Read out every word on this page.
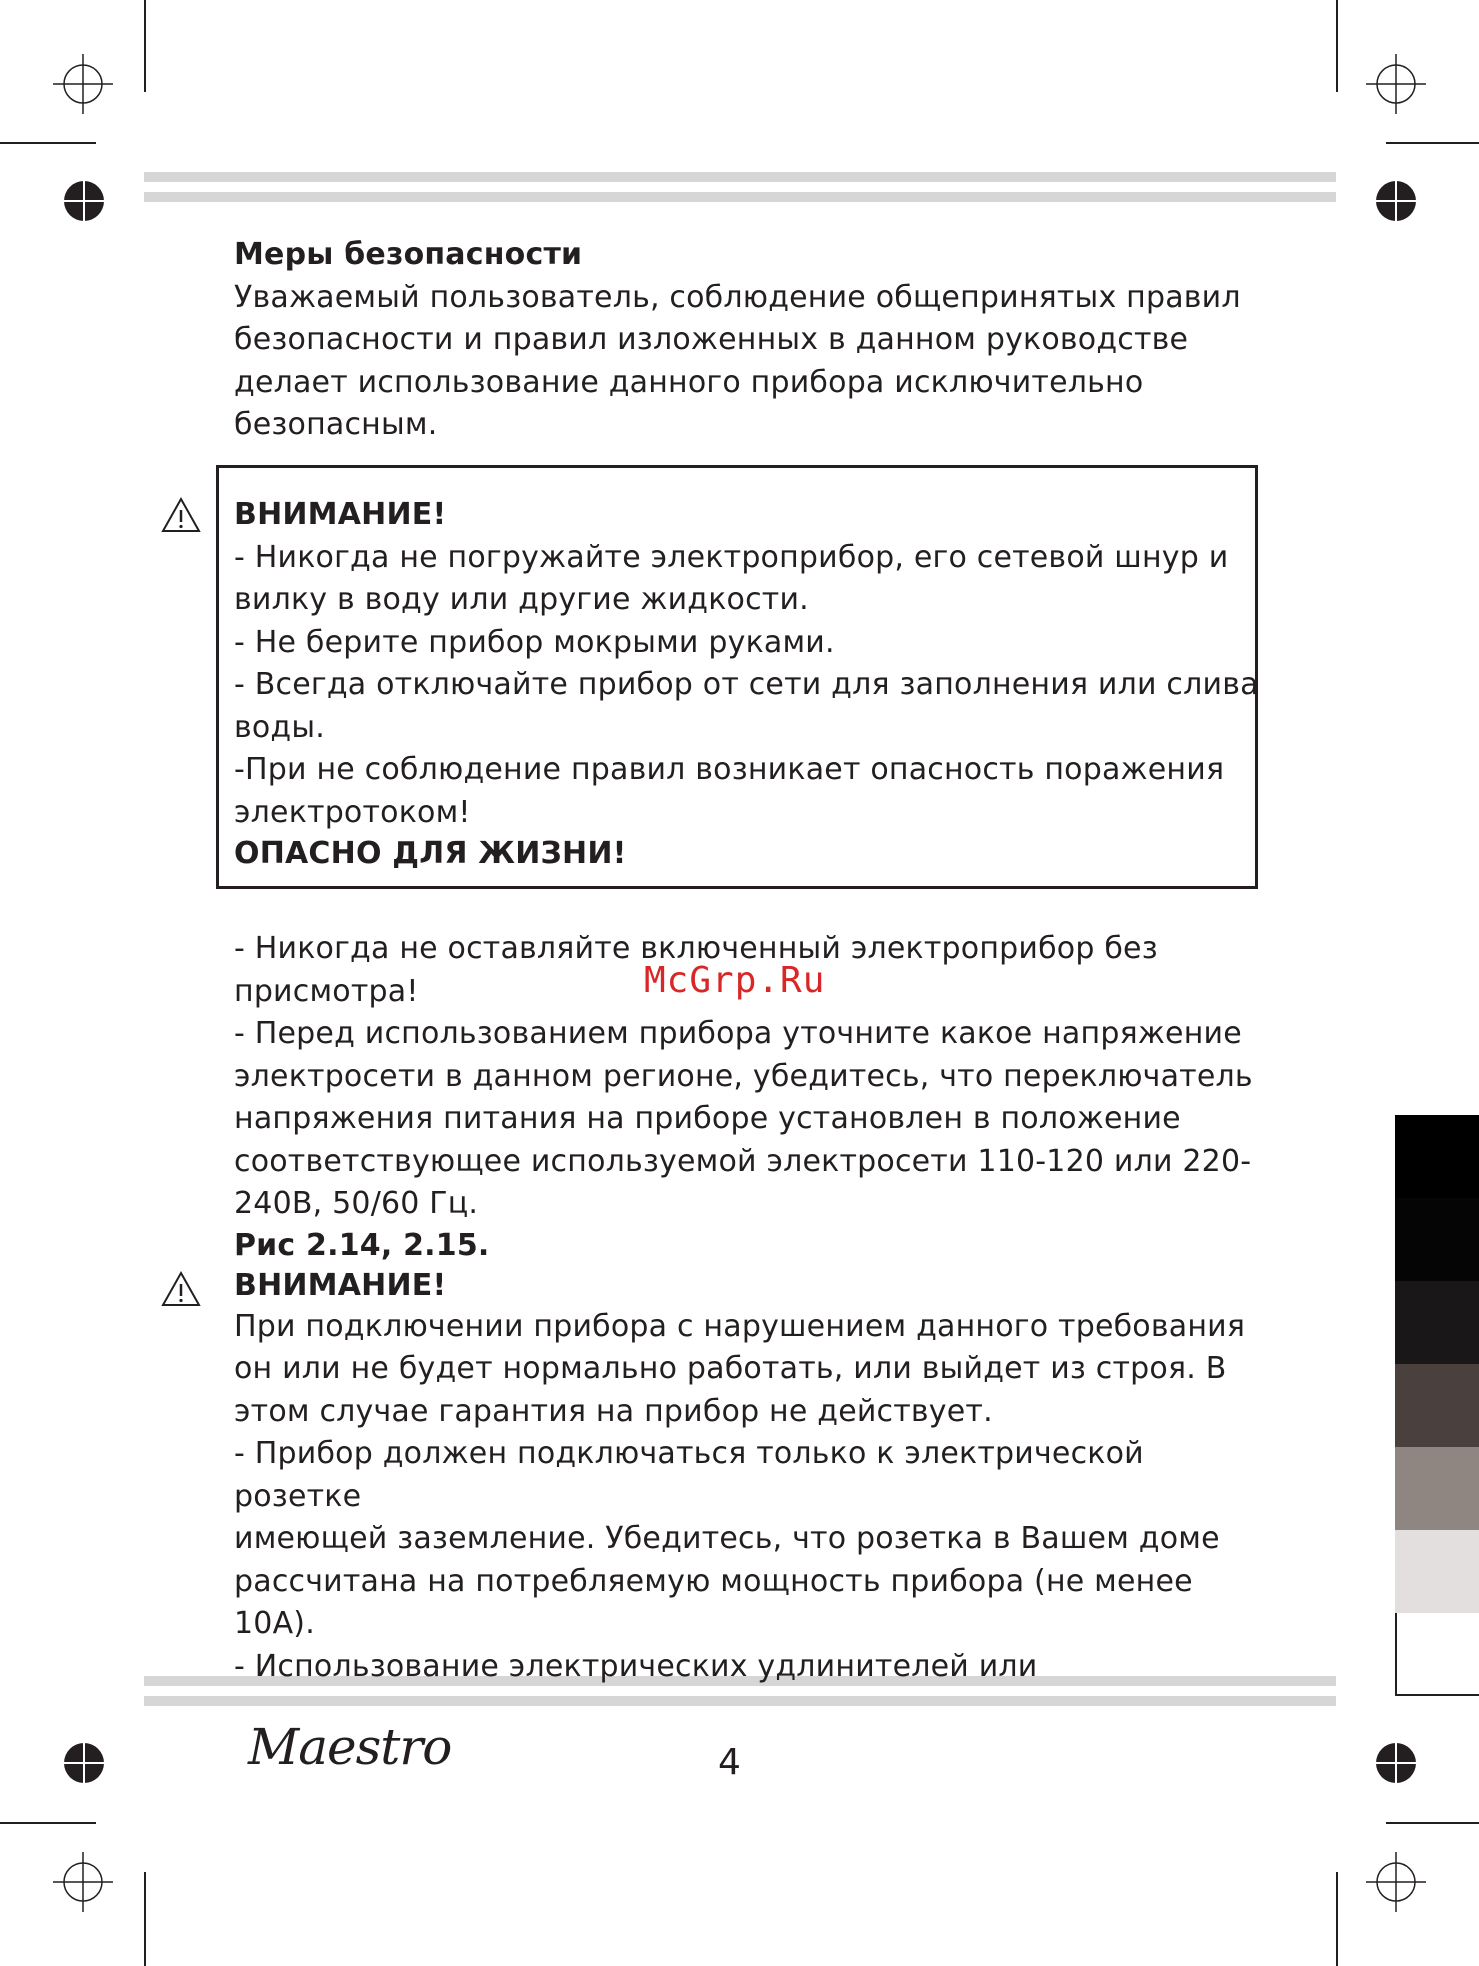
Меры безопасности

Уважаемый пользователь, соблюдение общепринятых правил

безопасности и правил изложенных в данном руководстве

делает использование данного прибора исключительно

безопасным.

ВНИМАНИЕ!

- Никогда не погружайте электроприбор, его сетевой шнур и

вилку в воду или другие жидкости.

- Не берите прибор мокрыми руками.

- Всегда отключайте прибор от сети для заполнения или слива

воды.

-При не соблюдение правил возникает опасность поражения

электротоком!

ОПАСНО ДЛЯ ЖИЗНИ!

- Никогда не оставляйте включенный электроприбор без

присмотра!

- Перед использованием прибора уточните какое напряжение

электросети в данном регионе, убедитесь, что переключатель

напряжения питания на приборе установлен в положение

соответствующее используемой электросети 110-120 или 220-

240В, 50/60 Гц.

Рис 2.14, 2.15.

ВНИМАНИЕ!

При подключении прибора с нарушением данного требования

он или не будет нормально работать, или выйдет из строя. В

этом случае гарантия на прибор не действует.

- Прибор должен подключаться только к электрической розетке

имеющей заземление. Убедитесь, что розетка в Вашем доме

рассчитана на потребляемую мощность прибора (не менее

10А).

- Использование электрических удлинителей или

McGrp.Ru
Maestro	4
